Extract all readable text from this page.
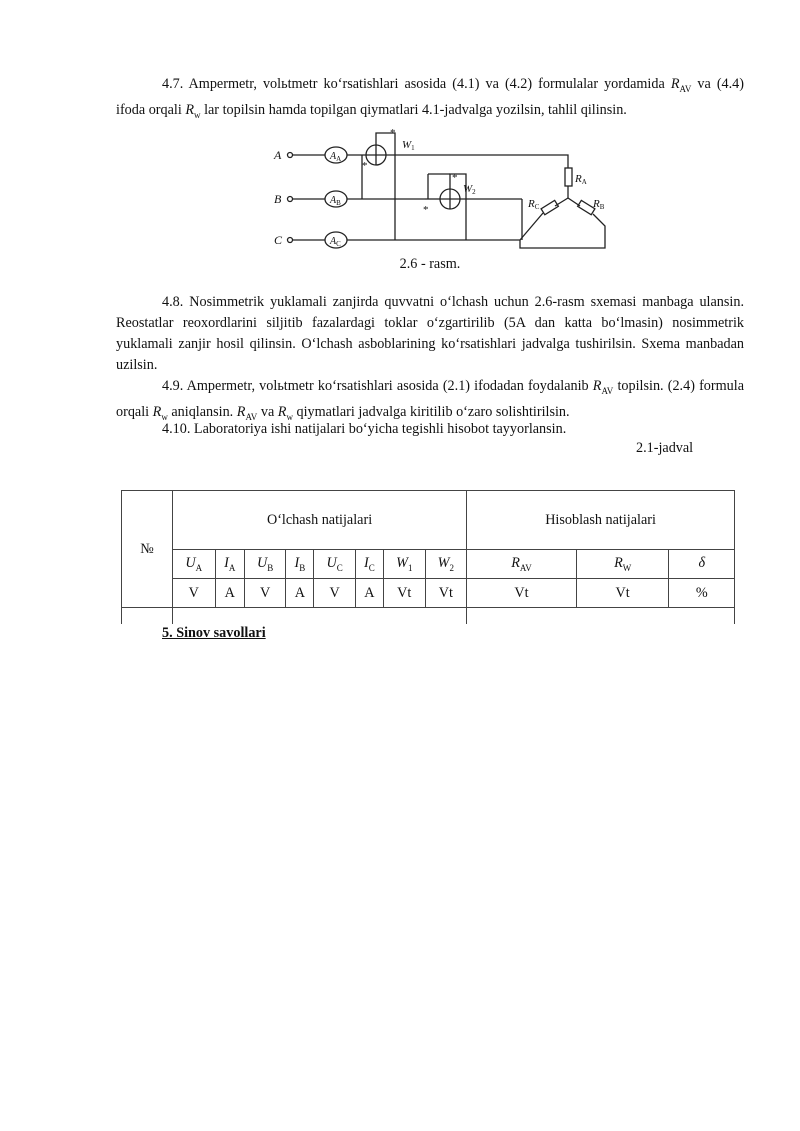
4.7. Ampermetr, volьtmetr koʻrsatishlari asosida (4.1) va (4.2) formulalar yordamida $R_{AV}$ va (4.4) ifoda orqali $R_w$ lar topilsin hamda topilgan qiymatlari 4.1-jadvalga yozilsin, tahlil qilinsin.
A
B
C
$A_A$
$A_B$
$A_C$
W1
W2
RA
RC	RB
*
*
*
*
2.6 - rasm.
4.8. Nosimmetrik yuklamali zanjirda quvvatni oʻlchash uchun 2.6-rasm sxemasi manbaga ulansin. Reostatlar reoxordlarini siljitib fazalardagi toklar oʻzgartirilib (5A dan katta boʻlmasin) nosimmetrik yuklamali zanjir hosil qilinsin. Oʻlchash asboblarining koʻrsatishlari jadvalga tushirilsin. Sxema manbadan uzilsin.
4.9. Ampermetr, volьtmetr koʻrsatishlari asosida (2.1) ifodadan foydalanib $R_{AV}$ topilsin. (2.4) formula orqali $R_w$ aniqlansin. $R_{AV}$ va $R_w$ qiymatlari jadvalga kiritilib oʻzaro solishtirilsin.
4.10. Laboratoriya ishi natijalari boʻyicha tegishli hisobot tayyorlansin.
2.1-jadval
№	Oʻlchash natijalari								Hisoblash natijalari		
	$U_A$	$I_A$	$U_B$	$I_B$	$U_C$	$I_C$	$W_1$	$W_2$	$R_{AV}$	$R_W$	δ
	V	A	V	A	V	A	Vt	Vt	Vt	Vt	%

5. Sinov savollari
